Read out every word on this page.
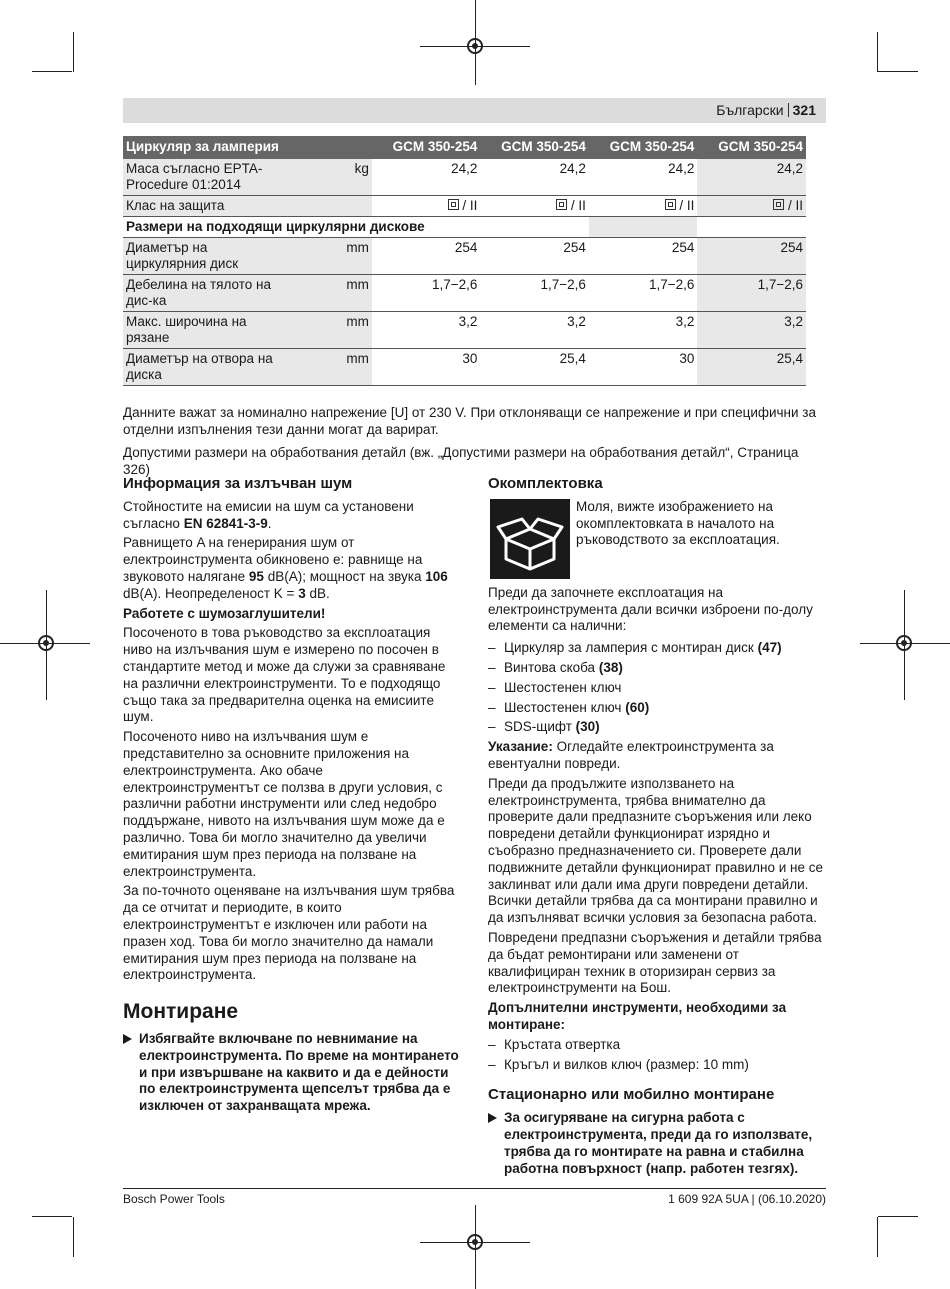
Български 321
Циркуляр за ламперия		GCM 350-254	GCM 350-254	GCM 350-254	GCM 350-254
Маса съгласно EPTA-Procedure 01:2014	kg	24,2	24,2	24,2	24,2
Клас на защита		/ II	/ II	/ II	/ II
Размери на подходящи циркулярни дискове					
Диаметър на циркулярния диск	mm	254	254	254	254
Дебелина на тялото на дис-ка	mm	1,7−2,6	1,7−2,6	1,7−2,6	1,7−2,6
Макс. широчина на рязане	mm	3,2	3,2	3,2	3,2
Диаметър на отвора на диска	mm	30	25,4	30	25,4
Данните важат за номинално напрежение [U] от 230 V. При отклоняващи се напрежение и при специфични за отделни изпълнения тези данни могат да варират.
Допустими размери на обработвания детайл (вж. „Допустими размери на обработвания детайл“, Страница 326)
Информация за излъчван шум

Стойностите на емисии на шум са установени съгласно EN 62841-3-9.

Равнището A на генерирания шум от електроинструмента обикновено е: равнище на звуковото налягане 95 dB(A); мощност на звука 106 dB(A). Неопределеност K = 3 dB.

Работете с шумозаглушители!

Посоченото в това ръководство за експлоатация ниво на излъчвания шум е измерено по посочен в стандартите метод и може да служи за сравняване на различни електроинструменти. То е подходящо също така за предварителна оценка на емисиите шум.

Посоченото ниво на излъчвания шум е представително за основните приложения на електроинструмента. Ако обаче електроинструментът се ползва в други условия, с различни работни инструменти или след недобро поддържане, нивото на излъчвания шум може да е различно. Това би могло значително да увеличи емитирания шум през периода на ползване на електроинструмента.

За по-точното оценяване на излъчвания шум трябва да се отчитат и периодите, в които електроинструментът е изключен или работи на празен ход. Това би могло значително да намали емитирания шум през периода на ползване на електроинструмента.

Монтиране
Избягвайте включване по невнимание на електроинструмента. По време на монтирането и при извършване на каквито и да е дейности по електроинструмента щепселът трябва да е изключен от захранващата мрежа.
Окомплектовка
Моля, вижте изображението на окомплектовката в началото на ръководството за експлоатация.

Преди да започнете експлоатация на електроинструмента дали всички изброени по-долу елементи са налични:

– Циркуляр за ламперия с монтиран диск (47)
– Винтова скоба (38)
– Шестостенен ключ
– Шестостенен ключ (60)
– SDS-щифт (30)

Указание: Огледайте електроинструмента за евентуални повреди.

Преди да продължите използването на електроинструмента, трябва внимателно да проверите дали предпазните съоръжения или леко повредени детайли функционират изрядно и съобразно предназначението си. Проверете дали подвижните детайли функционират правилно и не се заклинват или дали има други повредени детайли. Всички детайли трябва да са монтирани правилно и да изпълняват всички условия за безопасна работа.

Повредени предпазни съоръжения и детайли трябва да бъдат ремонтирани или заменени от квалифициран техник в оторизиран сервиз за електроинструменти на Бош.

Допълнителни инструменти, необходими за монтиране:

– Кръстата отвертка
– Кръгъл и вилков ключ (размер: 10 mm)
Стационарно или мобилно монтиране
За осигуряване на сигурна работа с електроинструмента, преди да го използвате, трябва да го монтирате на равна и стабилна работна повърхност (напр. работен тезгях).
Bosch Power Tools	1 609 92A 5UA | (06.10.2020)
